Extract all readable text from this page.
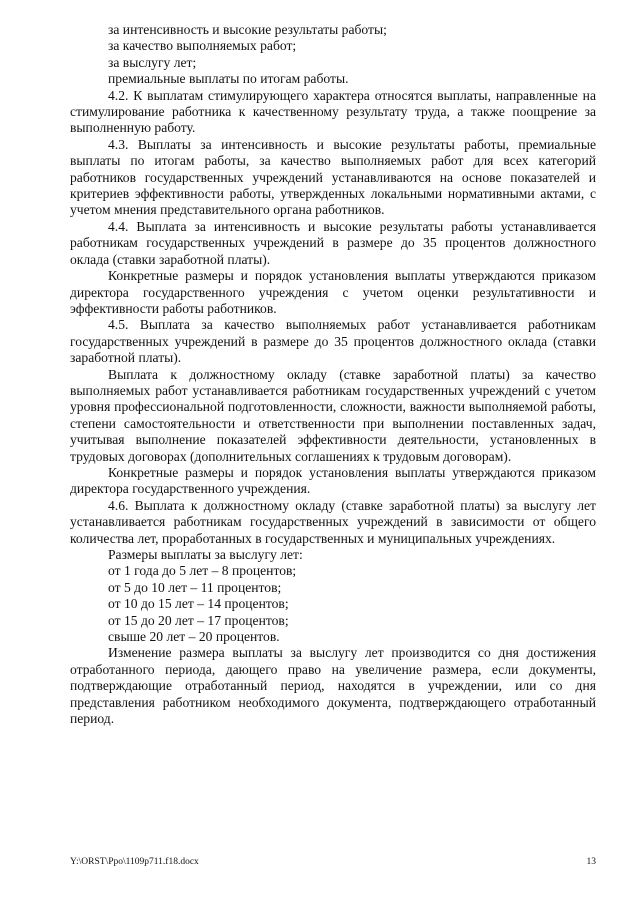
за интенсивность и высокие результаты работы;

за качество выполняемых работ;

за выслугу лет;

премиальные выплаты по итогам работы.

4.2. К выплатам стимулирующего характера относятся выплаты, направленные на стимулирование работника к качественному результату труда, а также поощрение за выполненную работу.

4.3. Выплаты за интенсивность и высокие результаты работы, премиальные выплаты по итогам работы, за качество выполняемых работ для всех категорий работников государственных учреждений устанавливаются на основе показателей и критериев эффективности работы, утвержденных локальными нормативными актами, с учетом мнения представительного органа работников.

4.4. Выплата за интенсивность и высокие результаты работы устанавливается работникам государственных учреждений в размере до 35 процентов должностного оклада (ставки заработной платы).

Конкретные размеры и порядок установления выплаты утверждаются приказом директора государственного учреждения с учетом оценки результативности и эффективности работы работников.

4.5. Выплата за качество выполняемых работ устанавливается работникам государственных учреждений в размере до 35 процентов должностного оклада (ставки заработной платы).

Выплата к должностному окладу (ставке заработной платы) за качество выполняемых работ устанавливается работникам государственных учреждений с учетом уровня профессиональной подготовленности, сложности, важности выполняемой работы, степени самостоятельности и ответственности при выполнении поставленных задач, учитывая выполнение показателей эффективности деятельности, установленных в трудовых договорах (дополнительных соглашениях к трудовым договорам).

Конкретные размеры и порядок установления выплаты утверждаются приказом директора государственного учреждения.

4.6. Выплата к должностному окладу (ставке заработной платы) за выслугу лет устанавливается работникам государственных учреждений в зависимости от общего количества лет, проработанных в государственных и муниципальных учреждениях.

Размеры выплаты за выслугу лет:

от 1 года до 5 лет – 8 процентов;

от 5 до 10 лет – 11 процентов;

от 10 до 15 лет – 14 процентов;

от 15 до 20 лет – 17 процентов;

свыше 20 лет – 20 процентов.

Изменение размера выплаты за выслугу лет производится со дня достижения отработанного периода, дающего право на увеличение размера, если документы, подтверждающие отработанный период, находятся в учреждении, или со дня представления работником необходимого документа, подтверждающего отработанный период.

Y:\ORST\Ppo\1109p711.f18.docx	13
